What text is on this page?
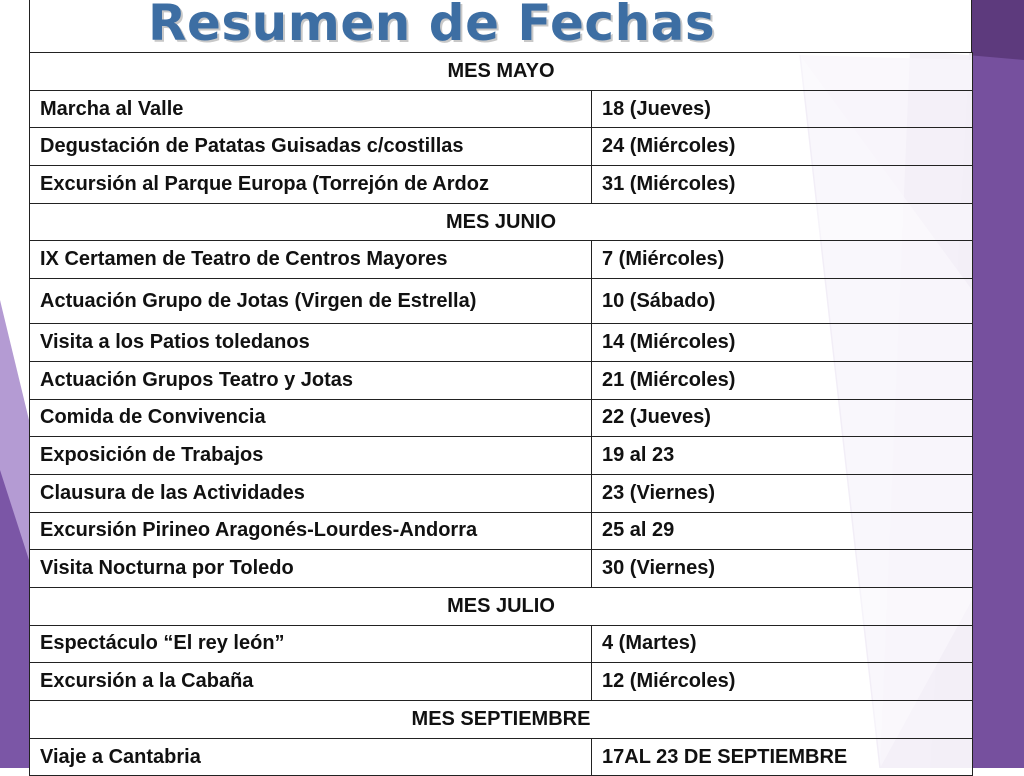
Resumen de Fechas
MES MAYO	
Marcha al Valle	18 (Jueves)
Degustación de Patatas Guisadas c/costillas	24 (Miércoles)
Excursión al Parque Europa (Torrejón de Ardoz	31 (Miércoles)
MES JUNIO	
IX Certamen de Teatro de Centros Mayores	7 (Miércoles)
Actuación Grupo de Jotas (Virgen de Estrella)	10 (Sábado)
Visita a los Patios toledanos	14 (Miércoles)
Actuación Grupos Teatro y Jotas	21 (Miércoles)
Comida de Convivencia	22 (Jueves)
Exposición de Trabajos	19 al 23
Clausura de las Actividades	23 (Viernes)
Excursión Pirineo Aragonés-Lourdes-Andorra	25 al 29
Visita Nocturna por Toledo	30 (Viernes)
MES JULIO	
Espectáculo “El rey león”	4 (Martes)
Excursión a la Cabaña	12 (Miércoles)
MES SEPTIEMBRE	
Viaje a Cantabria	17AL 23 DE SEPTIEMBRE
